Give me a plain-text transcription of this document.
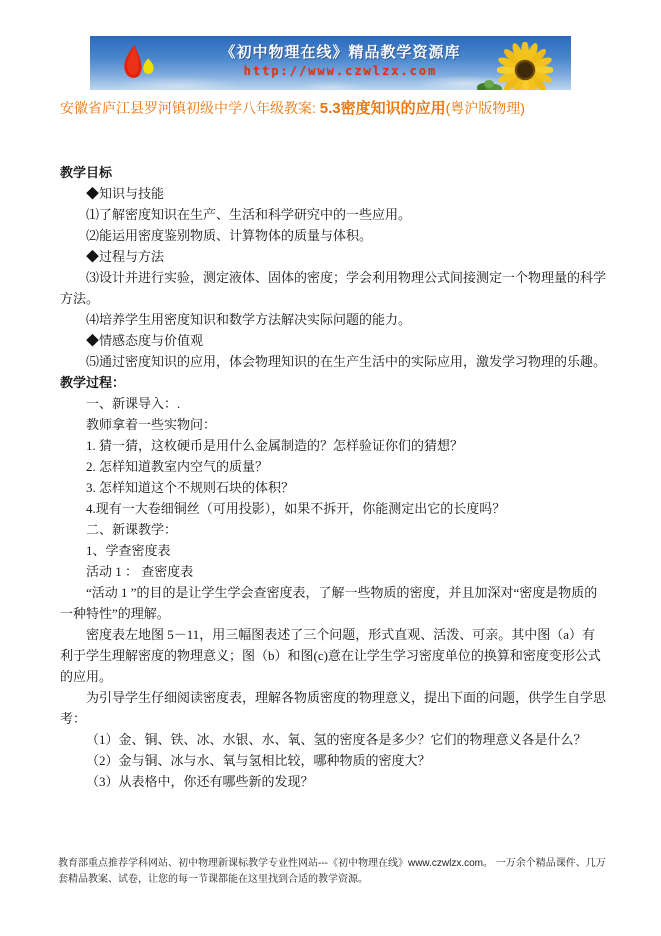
《初中物理在线》精品教学资源库
http://www.czwlzx.com
安徽省庐江县罗河镇初级中学八年级教案: 5.3密度知识的应用(粤沪版物理)

教学目标

◆知识与技能

⑴了解密度知识在生产、生活和科学研究中的一些应用。

⑵能运用密度鉴别物质、计算物体的质量与体积。

◆过程与方法

⑶设计并进行实验，测定液体、固体的密度；学会利用物理公式间接测定一个物理量的科学方法。

⑷培养学生用密度知识和数学方法解决实际问题的能力。

◆情感态度与价值观

⑸通过密度知识的应用，体会物理知识的在生产生活中的实际应用，激发学习物理的乐趣。

教学过程：

一、新课导入：.

教师拿着一些实物问：

1. 猜一猜，这枚硬币是用什么金属制造的？怎样验证你们的猜想？

2. 怎样知道教室内空气的质量？

3. 怎样知道这个不规则石块的体积？

4.现有一大卷细铜丝（可用投影），如果不拆开，你能测定出它的长度吗？

二、新课教学：

1、学查密度表

活动 1 ： 查密度表

“活动 1 ”的目的是让学生学会查密度表，了解一些物质的密度，并且加深对“密度是物质的一种特性”的理解。

密度表左地图 5－11，用三幅图表述了三个问题，形式直观、活泼、可亲。其中图（a）有利于学生理解密度的物理意义；图（b）和图(c)意在让学生学习密度单位的换算和密度变形公式的应用。

为引导学生仔细阅读密度表，理解各物质密度的物理意义，提出下面的问题，供学生自学思考：

（1）金、铜、铁、冰、水银、水、氧、氢的密度各是多少？它们的物理意义各是什么？

（2）金与铜、冰与水、氧与氢相比较，哪种物质的密度大？

（3）从表格中，你还有哪些新的发现？

教育部重点推荐学科网站、初中物理新课标教学专业性网站---《初中物理在线》www.czwlzx.com。 一万余个精品课件、几万套精品教案、试卷，让您的每一节课都能在这里找到合适的教学资源。
